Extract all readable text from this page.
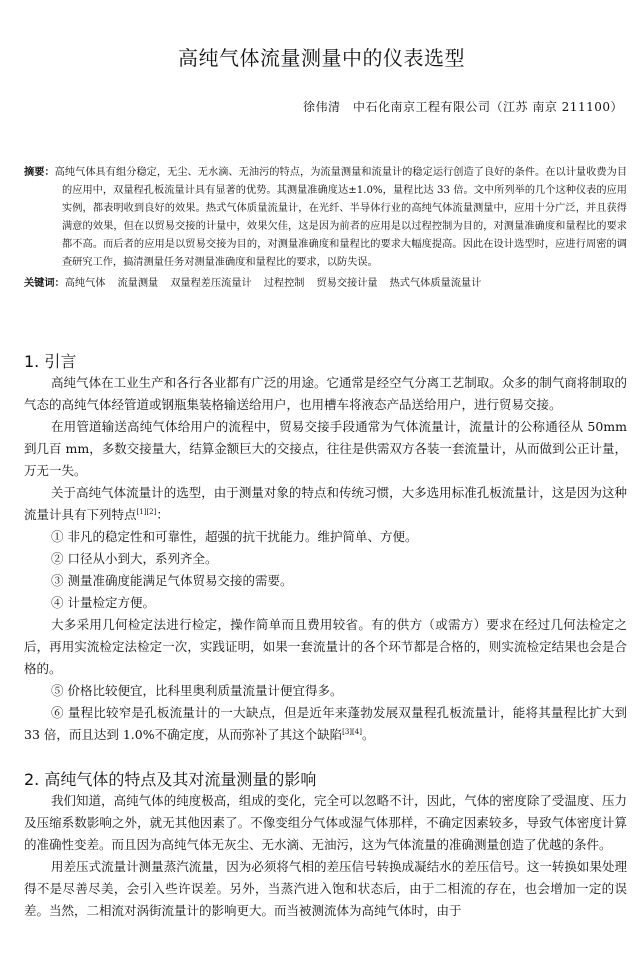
高纯气体流量测量中的仪表选型
徐伟清　中石化南京工程有限公司（江苏 南京 211100）
摘要：高纯气体具有组分稳定，无尘、无水滴、无油污的特点，为流量测量和流量计的稳定运行创造了良好的条件。在以计量收费为目的应用中，双量程孔板流量计具有显著的优势。其测量准确度达±1.0%，量程比达 33 倍。文中所列举的几个这种仪表的应用实例，都表明收到良好的效果。热式气体质量流量计，在光纤、半导体行业的高纯气体流量测量中，应用十分广泛，并且获得满意的效果，但在以贸易交接的计量中，效果欠佳，这是因为前者的应用是以过程控制为目的，对测量准确度和量程比的要求都不高。而后者的应用是以贸易交接为目的，对测量准确度和量程比的要求大幅度提高。因此在设计选型时，应进行周密的调查研究工作，搞清测量任务对测量准确度和量程比的要求，以防失误。
关键词：高纯气体 流量测量 双量程差压流量计 过程控制 贸易交接计量 热式气体质量流量计
1. 引言

高纯气体在工业生产和各行各业都有广泛的用途。它通常是经空气分离工艺制取。众多的制气商将制取的气态的高纯气体经管道或钢瓶集装格输送给用户，也用槽车将液态产品送给用户，进行贸易交接。

在用管道输送高纯气体给用户的流程中，贸易交接手段通常为气体流量计，流量计的公称通径从 50mm 到几百 mm，多数交接量大，结算金额巨大的交接点，往往是供需双方各装一套流量计，从而做到公正计量，万无一失。

关于高纯气体流量计的选型，由于测量对象的特点和传统习惯，大多选用标准孔板流量计，这是因为这种流量计具有下列特点[1][2]：

① 非凡的稳定性和可靠性，超强的抗干扰能力。维护简单、方便。

② 口径从小到大，系列齐全。

③ 测量准确度能满足气体贸易交接的需要。

④ 计量检定方便。

大多采用几何检定法进行检定，操作简单而且费用较省。有的供方（或需方）要求在经过几何法检定之后，再用实流检定法检定一次，实践证明，如果一套流量计的各个环节都是合格的，则实流检定结果也会是合格的。

⑤ 价格比较便宜，比科里奥利质量流量计便宜得多。

⑥ 量程比较窄是孔板流量计的一大缺点，但是近年来蓬勃发展双量程孔板流量计，能将其量程比扩大到 33 倍，而且达到 1.0%不确定度，从而弥补了其这个缺陷[3][4]。

2. 高纯气体的特点及其对流量测量的影响

我们知道，高纯气体的纯度极高，组成的变化，完全可以忽略不计，因此，气体的密度除了受温度、压力及压缩系数影响之外，就无其他因素了。不像变组分气体或湿气体那样，不确定因素较多，导致气体密度计算的准确性变差。而且因为高纯气体无灰尘、无水滴、无油污，这为气体流量的准确测量创造了优越的条件。

用差压式流量计测量蒸汽流量，因为必须将气相的差压信号转换成凝结水的差压信号。这一转换如果处理得不是尽善尽美，会引入些许误差。另外，当蒸汽进入饱和状态后，由于二相流的存在，也会增加一定的误差。当然，二相流对涡街流量计的影响更大。而当被测流体为高纯气体时，由于
